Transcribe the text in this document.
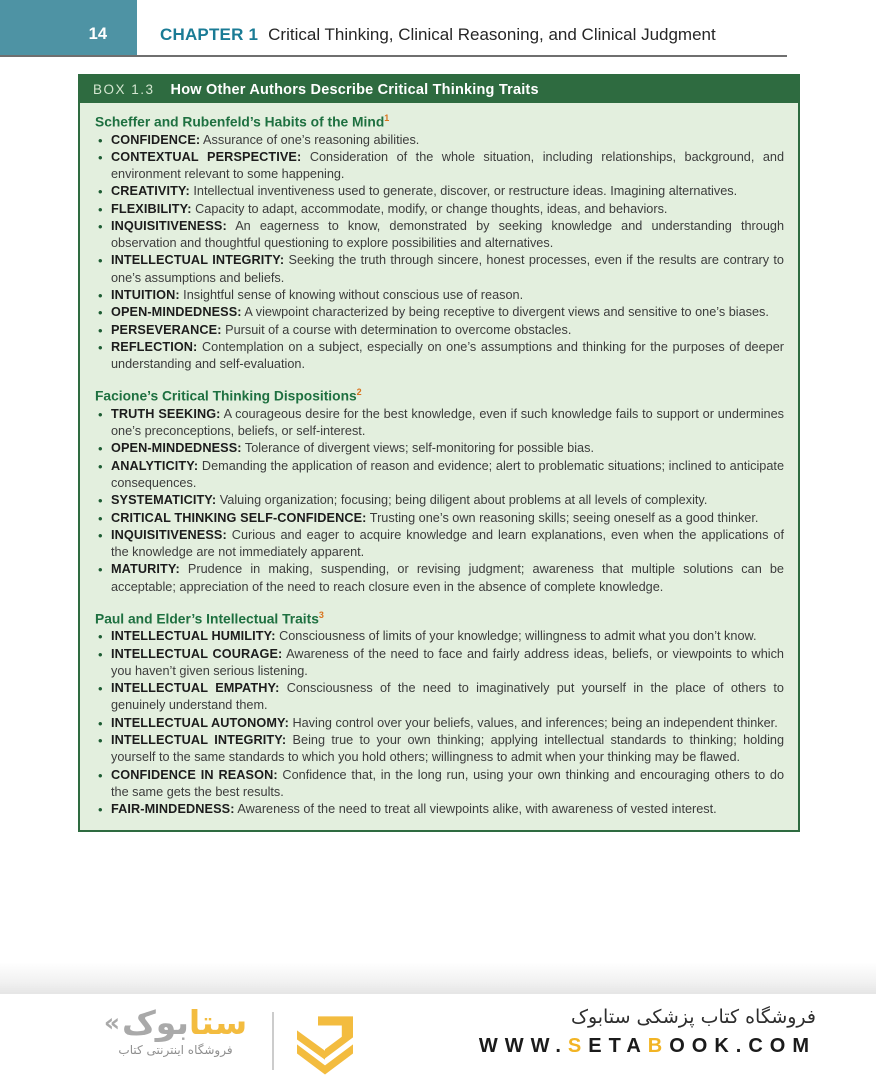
14	CHAPTER 1 Critical Thinking, Clinical Reasoning, and Clinical Judgment
BOX 1.3 How Other Authors Describe Critical Thinking Traits
Scheffer and Rubenfeld’s Habits of the Mind$^1$
• CONFIDENCE: Assurance of one’s reasoning abilities.
• CONTEXTUAL PERSPECTIVE: Consideration of the whole situation, including relationships, background, and environment relevant to some happening.
• CREATIVITY: Intellectual inventiveness used to generate, discover, or restructure ideas. Imagining alternatives.
• FLEXIBILITY: Capacity to adapt, accommodate, modify, or change thoughts, ideas, and behaviors.
• INQUISITIVENESS: An eagerness to know, demonstrated by seeking knowledge and understanding through observation and thoughtful questioning to explore possibilities and alternatives.
• INTELLECTUAL INTEGRITY: Seeking the truth through sincere, honest processes, even if the results are contrary to one’s assumptions and beliefs.
• INTUITION: Insightful sense of knowing without conscious use of reason.
• OPEN-MINDEDNESS: A viewpoint characterized by being receptive to divergent views and sensitive to one’s biases.
• PERSEVERANCE: Pursuit of a course with determination to overcome obstacles.
• REFLECTION: Contemplation on a subject, especially on one’s assumptions and thinking for the purposes of deeper understanding and self-evaluation.
Facione’s Critical Thinking Dispositions$^2$
• TRUTH SEEKING: A courageous desire for the best knowledge, even if such knowledge fails to support or undermines one’s preconceptions, beliefs, or self-interest.
• OPEN-MINDEDNESS: Tolerance of divergent views; self-monitoring for possible bias.
• ANALYTICITY: Demanding the application of reason and evidence; alert to problematic situations; inclined to anticipate consequences.
• SYSTEMATICITY: Valuing organization; focusing; being diligent about problems at all levels of complexity.
• CRITICAL THINKING SELF-CONFIDENCE: Trusting one’s own reasoning skills; seeing oneself as a good thinker.
• INQUISITIVENESS: Curious and eager to acquire knowledge and learn explanations, even when the applications of the knowledge are not immediately apparent.
• MATURITY: Prudence in making, suspending, or revising judgment; awareness that multiple solutions can be acceptable; appreciation of the need to reach closure even in the absence of complete knowledge.
Paul and Elder’s Intellectual Traits$^3$
• INTELLECTUAL HUMILITY: Consciousness of limits of your knowledge; willingness to admit what you don’t know.
• INTELLECTUAL COURAGE: Awareness of the need to face and fairly address ideas, beliefs, or viewpoints to which you haven’t given serious listening.
• INTELLECTUAL EMPATHY: Consciousness of the need to imaginatively put yourself in the place of others to genuinely understand them.
• INTELLECTUAL AUTONOMY: Having control over your beliefs, values, and inferences; being an independent thinker.
• INTELLECTUAL INTEGRITY: Being true to your own thinking; applying intellectual standards to thinking; holding yourself to the same standards to which you hold others; willingness to admit when your thinking may be flawed.
• CONFIDENCE IN REASON: Confidence that, in the long run, using your own thinking and encouraging others to do the same gets the best results.
• FAIR-MINDEDNESS: Awareness of the need to treat all viewpoints alike, with awareness of vested interest.
«	ستابوک
فروشگاه اینترنتی کتاب
فروشگاه کتاب پزشکی ستابوک
WWW.SETABOOK.COM
